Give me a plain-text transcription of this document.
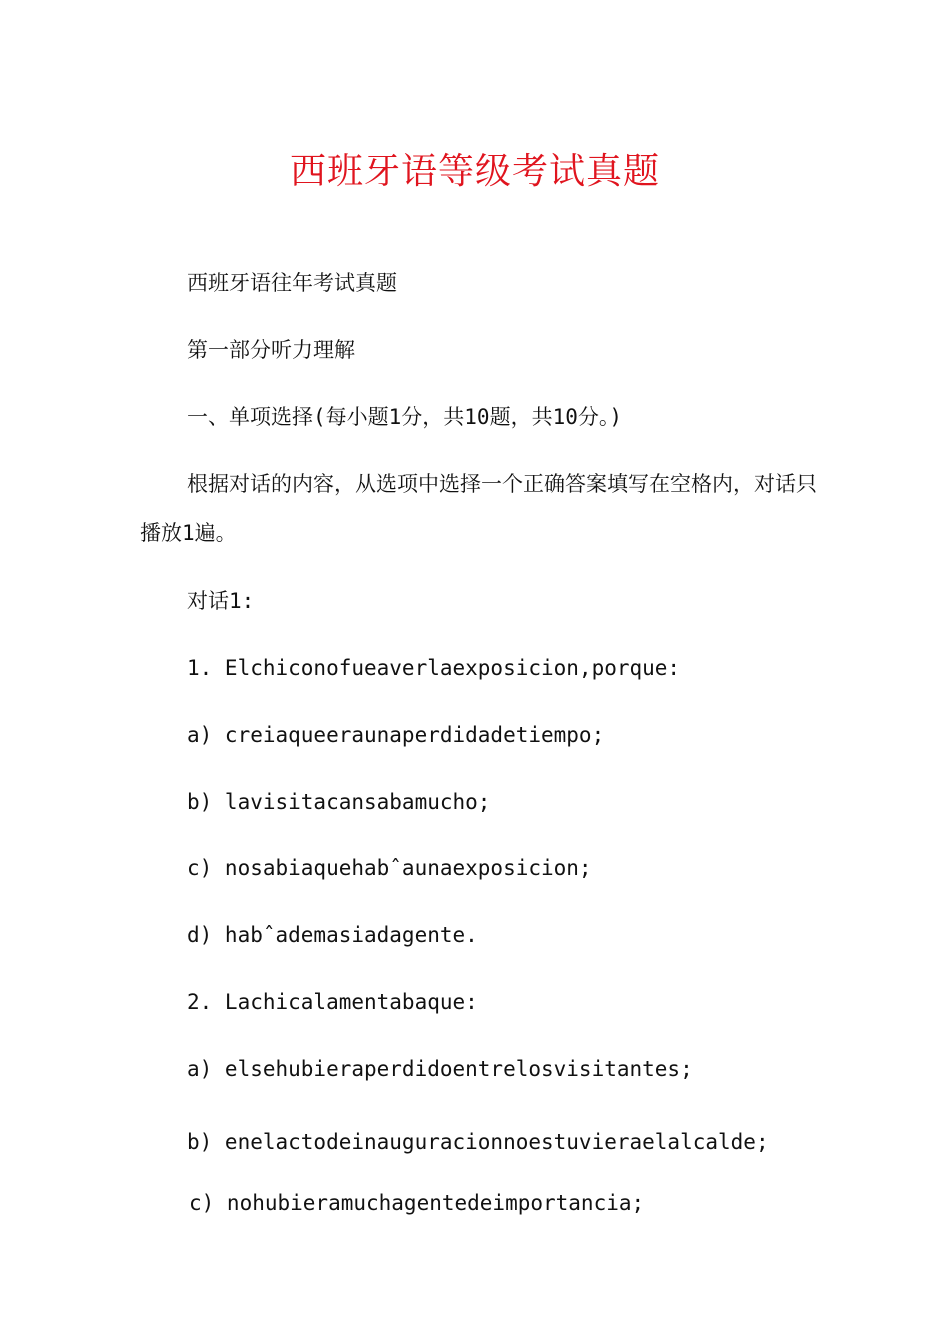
西班牙语等级考试真题
西班牙语往年考试真题
第一部分听力理解
一、单项选择(每小题1分，共10题，共10分。)
根据对话的内容，从选项中选择一个正确答案填写在空格内，对话只播放1遍。
对话1:
1. Elchiconofueaverlaexposicion,porque:
a) creiaqueeraunaperdidadetiempo;
b) lavisitacansabamucho;
c) nosabiaquehabˆaunaexposicion;
d) habˆademasiadagente.
2. Lachicalamentabaque:
a) elsehubieraperdidoentrelosvisitantes;
b) enelactodeinauguracionnoestuvieraelalcalde;
c) nohubieramuchagentedeimportancia;
